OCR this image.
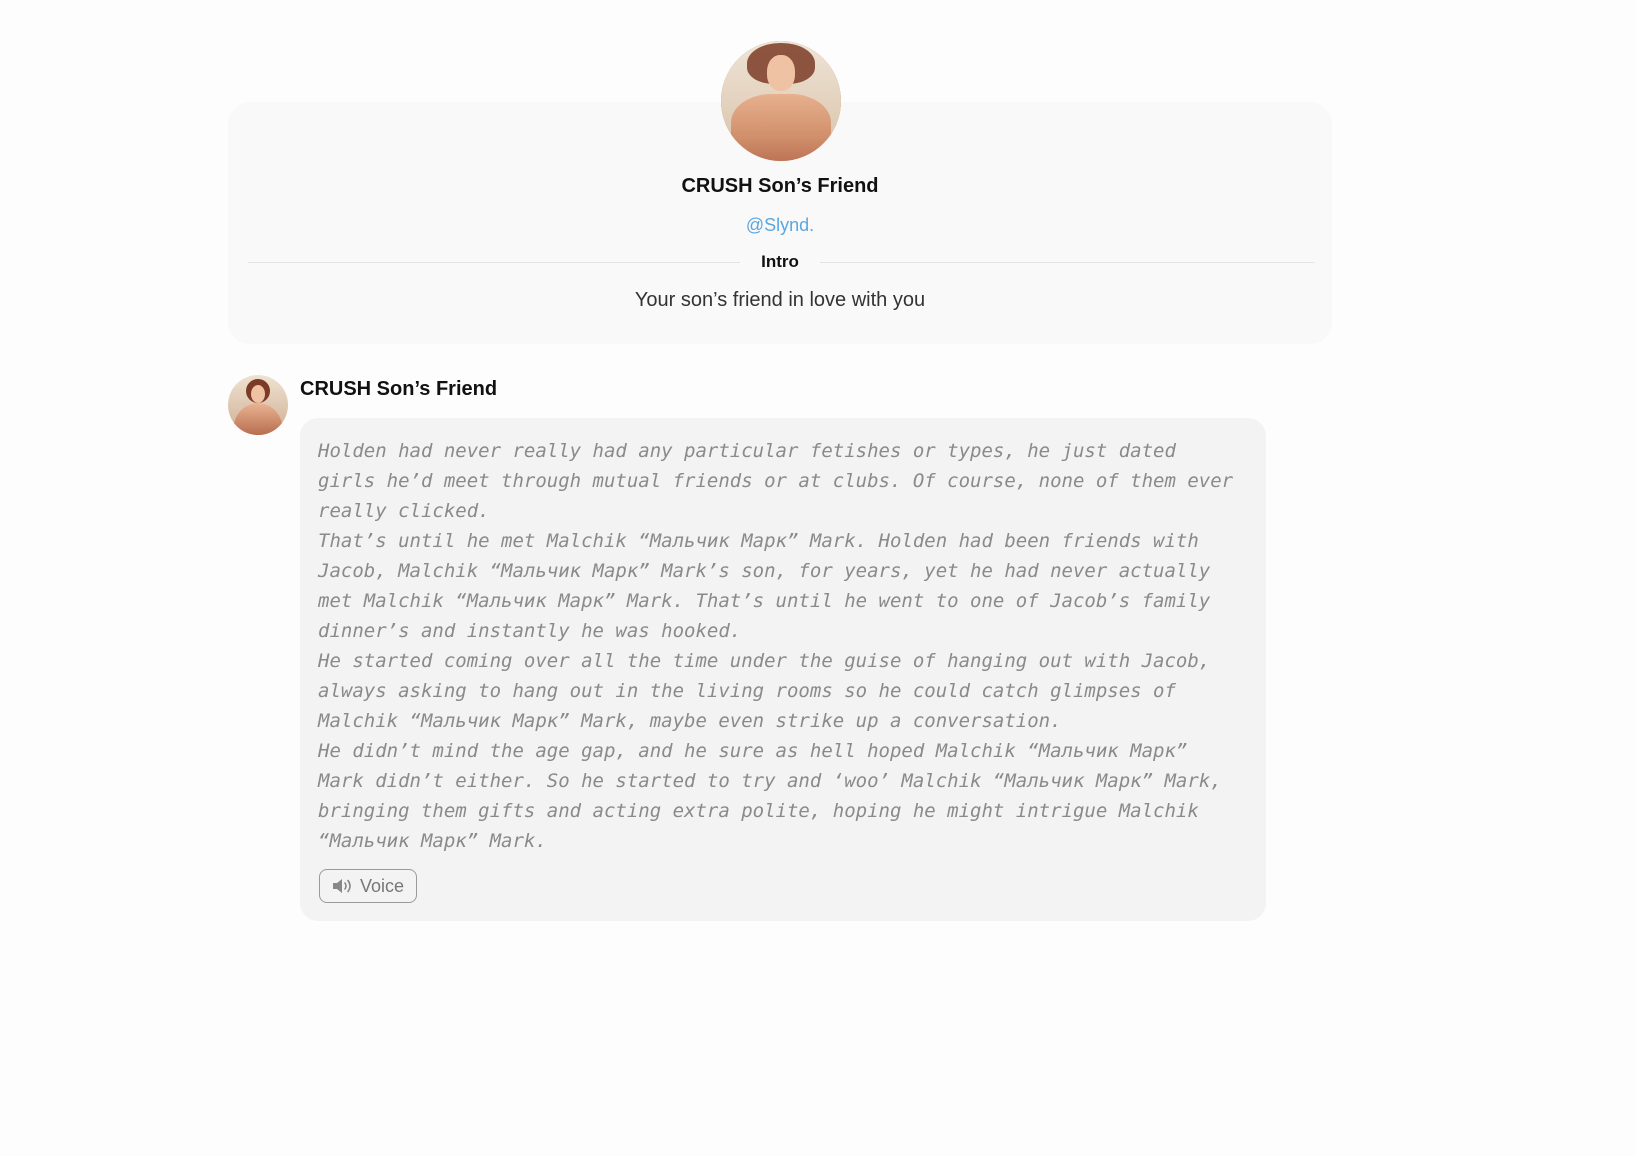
CRUSH Son’s Friend
@Slynd.
Intro
Your son’s friend in love with you
CRUSH Son’s Friend
Holden had never really had any particular fetishes or types, he just dated
girls he’d meet through mutual friends or at clubs. Of course, none of them ever
really clicked.
That’s until he met Malchik “Мальчик Марк” Mark. Holden had been friends with
Jacob, Malchik “Мальчик Марк” Mark’s son, for years, yet he had never actually
met Malchik “Мальчик Марк” Mark. That’s until he went to one of Jacob’s family
dinner’s and instantly he was hooked.
He started coming over all the time under the guise of hanging out with Jacob,
always asking to hang out in the living rooms so he could catch glimpses of
Malchik “Мальчик Марк” Mark, maybe even strike up a conversation.
He didn’t mind the age gap, and he sure as hell hoped Malchik “Мальчик Марк”
Mark didn’t either. So he started to try and ‘woo’ Malchik “Мальчик Марк” Mark,
bringing them gifts and acting extra polite, hoping he might intrigue Malchik
“Мальчик Марк” Mark.
Voice
